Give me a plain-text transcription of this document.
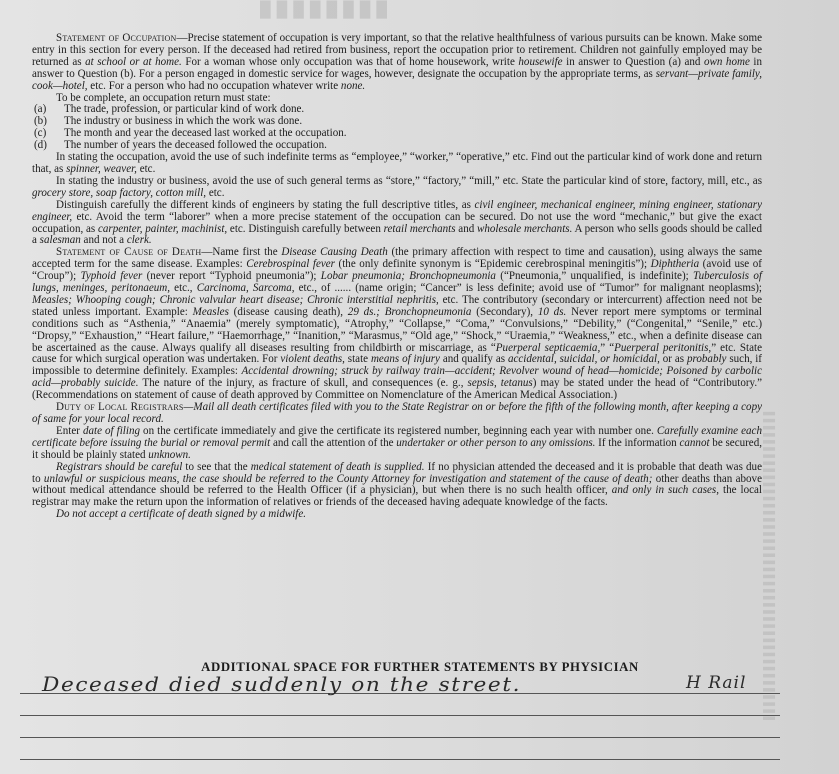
████████
▌▌▌▌▌▌▌▌▌▌▌▌▌▌▌▌▌▌▌▌▌▌▌▌▌▌▌▌▌▌▌▌▌▌▌▌▌▌▌▌▌▌▌▌

Statement of Occupation—Precise statement of occupation is very important, so that the relative healthfulness of various pursuits can be known. Make some entry in this section for every person. If the deceased had retired from business, report the occupation prior to retirement. Children not gainfully employed may be returned as at school or at home. For a woman whose only occupation was that of home housework, write housewife in answer to Question (a) and own home in answer to Question (b). For a person engaged in domestic service for wages, however, designate the occupation by the appropriate terms, as servant—private family, cook—hotel, etc. For a person who had no occupation whatever write none.

To be complete, an occupation return must state:

(a)	The trade, profession, or particular kind of work done.
(b)	The industry or business in which the work was done.
(c)	The month and year the deceased last worked at the occupation.
(d)	The number of years the deceased followed the occupation.

In stating the occupation, avoid the use of such indefinite terms as “employee,” “worker,” “operative,” etc. Find out the particular kind of work done and return that, as spinner, weaver, etc.

In stating the industry or business, avoid the use of such general terms as “store,” “factory,” “mill,” etc. State the particular kind of store, factory, mill, etc., as grocery store, soap factory, cotton mill, etc.

Distinguish carefully the different kinds of engineers by stating the full descriptive titles, as civil engineer, mechanical engineer, mining engineer, stationary engineer, etc. Avoid the term “laborer” when a more precise statement of the occupation can be secured. Do not use the word “mechanic,” but give the exact occupation, as carpenter, painter, machinist, etc. Distinguish carefully between retail merchants and wholesale merchants. A person who sells goods should be called a salesman and not a clerk.

Statement of Cause of Death—Name first the Disease Causing Death (the primary affection with respect to time and causation), using always the same accepted term for the same disease. Examples: Cerebrospinal fever (the only definite synonym is “Epidemic cerebrospinal meningitis”); Diphtheria (avoid use of “Croup”); Typhoid fever (never report “Typhoid pneumonia”); Lobar pneumonia; Bronchopneumonia (“Pneumonia,” unqualified, is indefinite); Tuberculosis of lungs, meninges, peritonaeum, etc., Carcinoma, Sarcoma, etc., of ...... (name origin; “Cancer” is less definite; avoid use of “Tumor” for malignant neoplasms); Measles; Whooping cough; Chronic valvular heart disease; Chronic interstitial nephritis, etc. The contributory (secondary or intercurrent) affection need not be stated unless important. Example: Measles (disease causing death), 29 ds.; Bronchopneumonia (Secondary), 10 ds. Never report mere symptoms or terminal conditions such as “Asthenia,” “Anaemia” (merely symptomatic), “Atrophy,” “Collapse,” “Coma,” “Convulsions,” “Debility,” (“Congenital,” “Senile,” etc.) “Dropsy,” “Exhaustion,” “Heart failure,” “Haemorrhage,” “Inanition,” “Marasmus,” “Old age,” “Shock,” “Uraemia,” “Weakness,” etc., when a definite disease can be ascertained as the cause. Always qualify all diseases resulting from childbirth or miscarriage, as “Puerperal septicaemia,” “Puerperal peritonitis,” etc. State cause for which surgical operation was undertaken. For violent deaths, state means of injury and qualify as accidental, suicidal, or homicidal, or as probably such, if impossible to determine definitely. Examples: Accidental drowning; struck by railway train—accident; Revolver wound of head—homicide; Poisoned by carbolic acid—probably suicide. The nature of the injury, as fracture of skull, and consequences (e. g., sepsis, tetanus) may be stated under the head of “Contributory.” (Recommendations on statement of cause of death approved by Committee on Nomenclature of the American Medical Association.)

Duty of Local Registrars—Mail all death certificates filed with you to the State Registrar on or before the fifth of the following month, after keeping a copy of same for your local record.

Enter date of filing on the certificate immediately and give the certificate its registered number, beginning each year with number one. Carefully examine each certificate before issuing the burial or removal permit and call the attention of the undertaker or other person to any omissions. If the information cannot be secured, it should be plainly stated unknown.

Registrars should be careful to see that the medical statement of death is supplied. If no physician attended the deceased and it is probable that death was due to unlawful or suspicious means, the case should be referred to the County Attorney for investigation and statement of the cause of death; other deaths than above without medical attendance should be referred to the Health Officer (if a physician), but when there is no such health officer, and only in such cases, the local registrar may make the return upon the information of relatives or friends of the deceased having adequate knowledge of the facts.

Do not accept a certificate of death signed by a midwife.

ADDITIONAL SPACE FOR FURTHER STATEMENTS BY PHYSICIAN
Deceased died suddenly on the street.	H Rail
